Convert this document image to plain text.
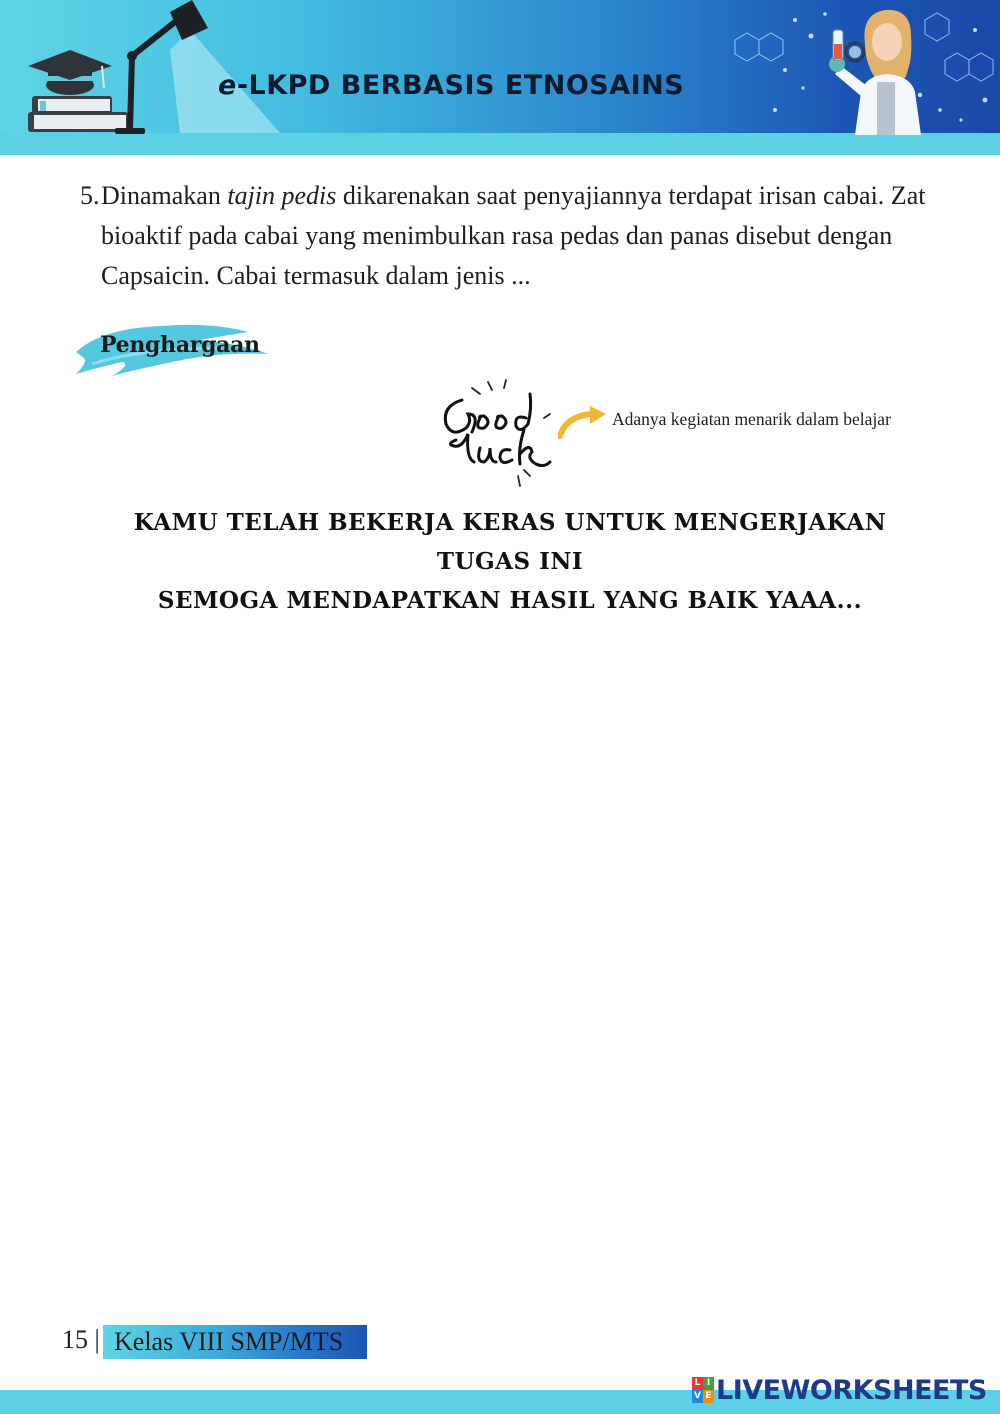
e-LKPD BERBASIS ETNOSAINS
5. Dinamakan tajin pedis dikarenakan saat penyajiannya terdapat irisan cabai. Zat bioaktif pada cabai yang menimbulkan rasa pedas dan panas disebut dengan Capsaicin. Cabai termasuk dalam jenis ...

Penghargaan
Adanya kegiatan menarik dalam belajar
KAMU TELAH BEKERJA KERAS UNTUK MENGERJAKAN
TUGAS INI
SEMOGA MENDAPATKAN HASIL YANG BAIK YAAA...
15 | Kelas VIII SMP/MTS
L I
V E LIVEWORKSHEETS
